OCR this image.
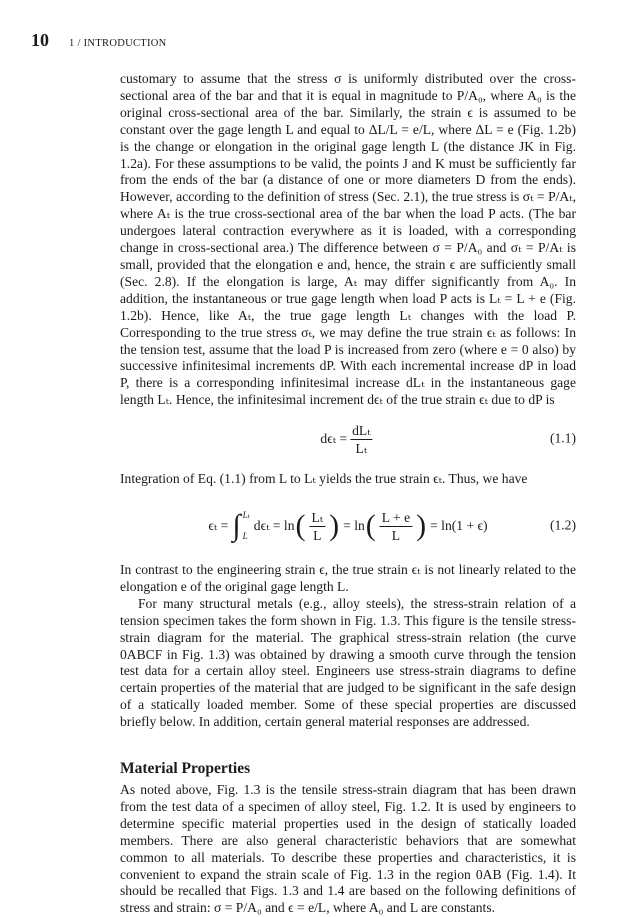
10 1 / INTRODUCTION

customary to assume that the stress σ is uniformly distributed over the cross-sectional area of the bar and that it is equal in magnitude to P/A₀, where A₀ is the original cross-sectional area of the bar. Similarly, the strain ϵ is assumed to be constant over the gage length L and equal to ΔL/L = e/L, where ΔL = e (Fig. 1.2b) is the change or elongation in the original gage length L (the distance JK in Fig. 1.2a). For these assumptions to be valid, the points J and K must be sufficiently far from the ends of the bar (a distance of one or more diameters D from the ends). However, according to the definition of stress (Sec. 2.1), the true stress is σₜ = P/Aₜ, where Aₜ is the true cross-sectional area of the bar when the load P acts. (The bar undergoes lateral contraction everywhere as it is loaded, with a corresponding change in cross-sectional area.) The difference between σ = P/A₀ and σₜ = P/Aₜ is small, provided that the elongation e and, hence, the strain ϵ are sufficiently small (Sec. 2.8). If the elongation is large, Aₜ may differ significantly from A₀. In addition, the instantaneous or true gage length when load P acts is Lₜ = L + e (Fig. 1.2b). Hence, like Aₜ, the true gage length Lₜ changes with the load P. Corresponding to the true stress σₜ, we may define the true strain ϵₜ as follows: In the tension test, assume that the load P is increased from zero (where e = 0 also) by successive infinitesimal increments dP. With each incremental increase dP in load P, there is a corresponding infinitesimal increase dLₜ in the instantaneous gage length Lₜ. Hence, the infinitesimal increment dϵₜ of the true strain ϵₜ due to dP is

$d\epsilon_t = \frac{\text{dLₜ}}{\text{Lₜ}}$	(1.1)

Integration of Eq. (1.1) from L to Lₜ yields the true strain ϵₜ. Thus, we have

ϵₜ = ∫ Lₜ
L
dϵₜ = ln ( $\frac{\text{Lₜ}}{L}$ ) = ln ( $\frac{L + e}{L}$ ) = ln(1 + ϵ)	(1.2)

In contrast to the engineering strain ϵ, the true strain ϵₜ is not linearly related to the elongation e of the original gage length L.

For many structural metals (e.g., alloy steels), the stress-strain relation of a tension specimen takes the form shown in Fig. 1.3. This figure is the tensile stress-strain diagram for the material. The graphical stress-strain relation (the curve 0ABCF in Fig. 1.3) was obtained by drawing a smooth curve through the tension test data for a certain alloy steel. Engineers use stress-strain diagrams to define certain properties of the material that are judged to be significant in the safe design of a statically loaded member. Some of these special properties are discussed briefly below. In addition, certain general material responses are addressed.

Material Properties

As noted above, Fig. 1.3 is the tensile stress-strain diagram that has been drawn from the test data of a specimen of alloy steel, Fig. 1.2. It is used by engineers to determine specific material properties used in the design of statically loaded members. There are also general characteristic behaviors that are somewhat common to all materials. To describe these properties and characteristics, it is convenient to expand the strain scale of Fig. 1.3 in the region 0AB (Fig. 1.4). It should be recalled that Figs. 1.3 and 1.4 are based on the following definitions of stress and strain: σ = P/A₀ and ϵ = e/L, where A₀ and L are constants.
